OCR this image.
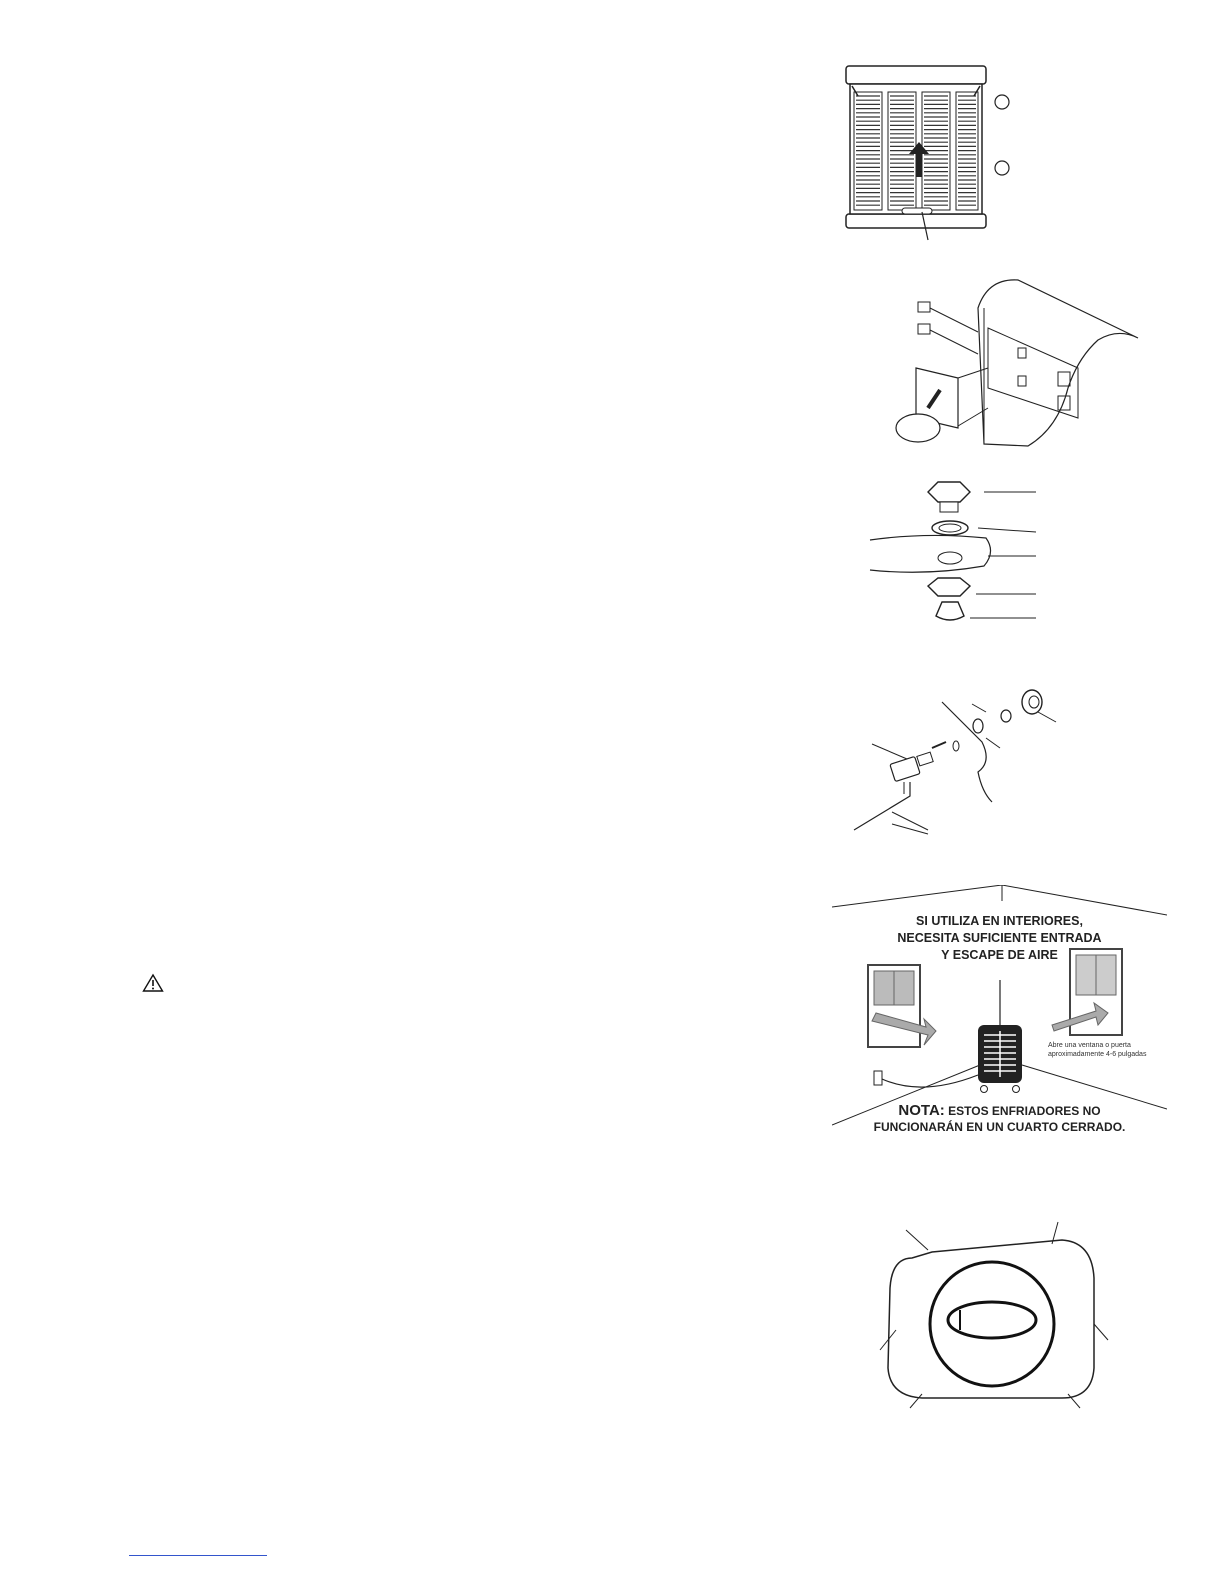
SI UTILIZA EN INTERIORES,
NECESITA SUFICIENTE ENTRADA
Y ESCAPE DE AIRE
Abre una ventana o puerta
aproximadamente 4-6 pulgadas
NOTA: ESTOS ENFRIADORES NO
FUNCIONARÁN EN UN CUARTO CERRADO.
